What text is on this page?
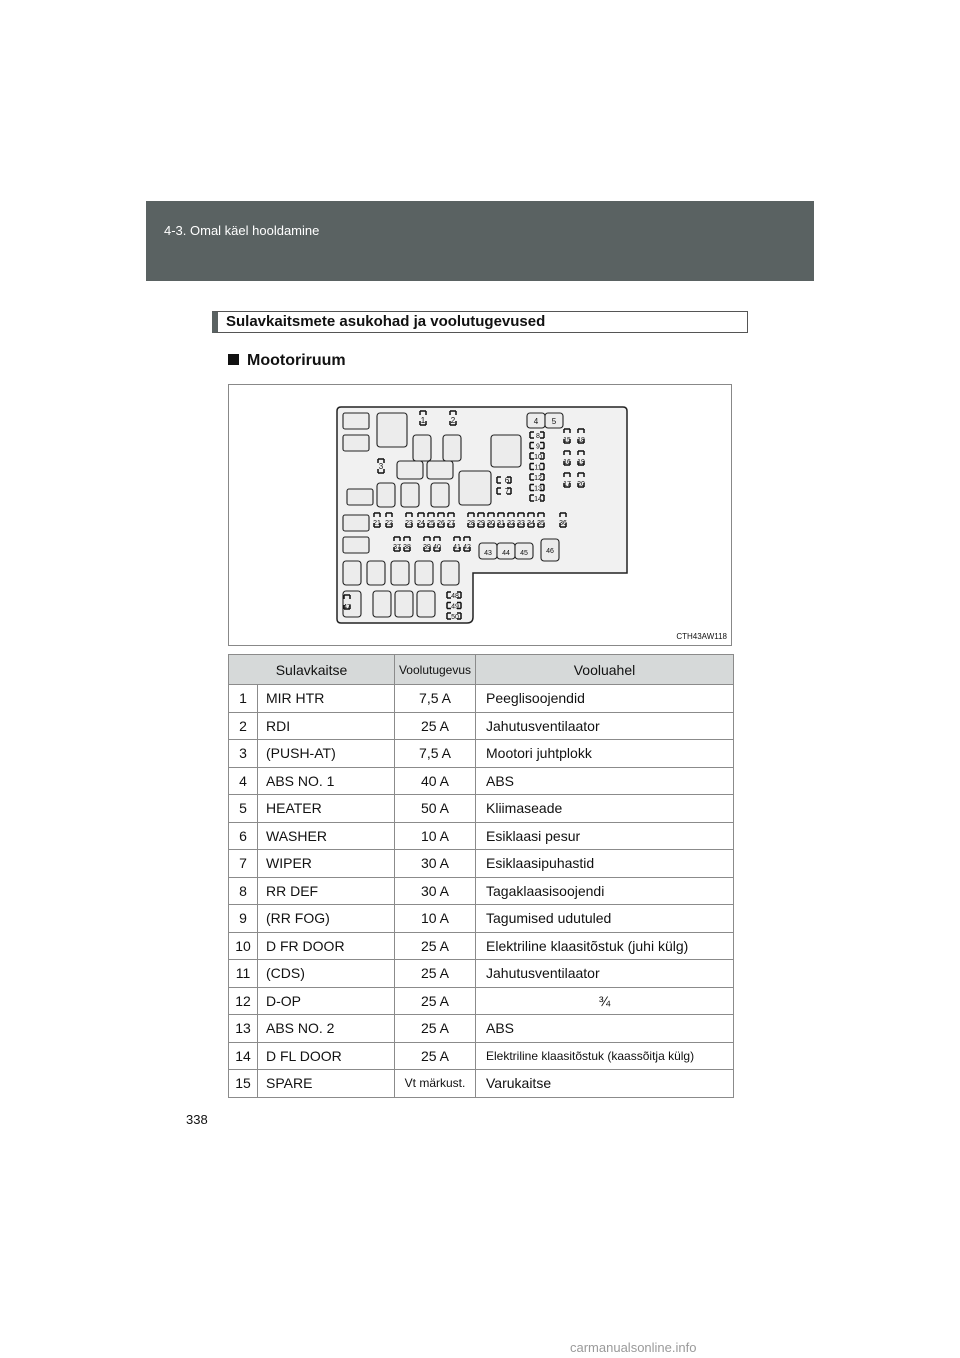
4-3. Omal käel hooldamine
Sulavkaitsmete asukohad ja voolutugevused
Mootoriruum
1	2
3
4 5
8
9
10
11
12
13
14
6
7
15 18
16 19
17 20
21 22 23 24 25 26 27 28 29 30 31 32 33 34 35 36
37 38 39 40 41 42
43 44 45	46
47
48
49
50
CTH43AW118
Sulavkaitse		Voolutugevus	Vooluahel
1	MIR HTR	7,5 A	Peeglisoojendid
2	RDI	25 A	Jahutusventilaator
3	(PUSH-AT)	7,5 A	Mootori juhtplokk
4	ABS NO. 1	40 A	ABS
5	HEATER	50 A	Kliimaseade
6	WASHER	10 A	Esiklaasi pesur
7	WIPER	30 A	Esiklaasipuhastid
8	RR DEF	30 A	Tagaklaasisoojendi
9	(RR FOG)	10 A	Tagumised udutuled
10	D FR DOOR	25 A	Elektriline klaasitõstuk (juhi külg)
11	(CDS)	25 A	Jahutusventilaator
12	D-OP	25 A	¾
13	ABS NO. 2	25 A	ABS
14	D FL DOOR	25 A	Elektriline klaasitõstuk (kaassõitja külg)
15	SPARE	Vt märkust.	Varukaitse
338
carmanualsonline.info
